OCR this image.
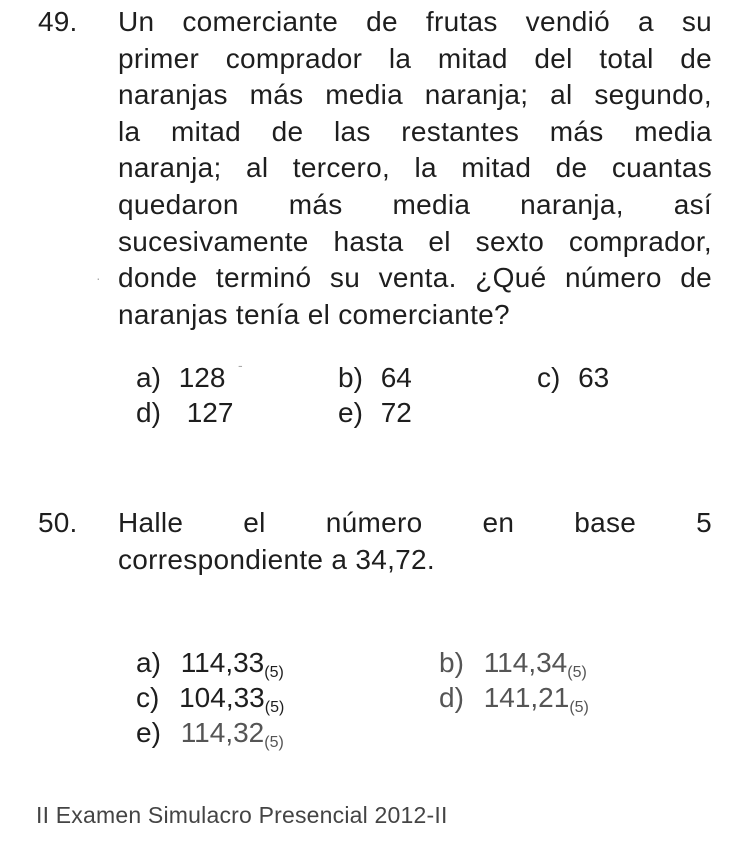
49. Un comerciante de frutas vendió a su
primer comprador la mitad del total de
naranjas más media naranja; al segundo,
la mitad de las restantes más media
naranja; al tercero, la mitad de cuantas
quedaron más media naranja, así
sucesivamente hasta el sexto comprador,
donde terminó su venta. ¿Qué número de
naranjas tenía el comerciante?
a) 128	b) 64	c) 63
d) 127	e) 72
50. Halle el número en base 5
correspondiente a 34,72.
a) $114,33_{(5)}$	b) $114,34_{(5)}$
c) $104,33_{(5)}$	d) $141,21_{(5)}$
e) $114,32_{(5)}$
II Examen Simulacro Presencial 2012-II
·
-
